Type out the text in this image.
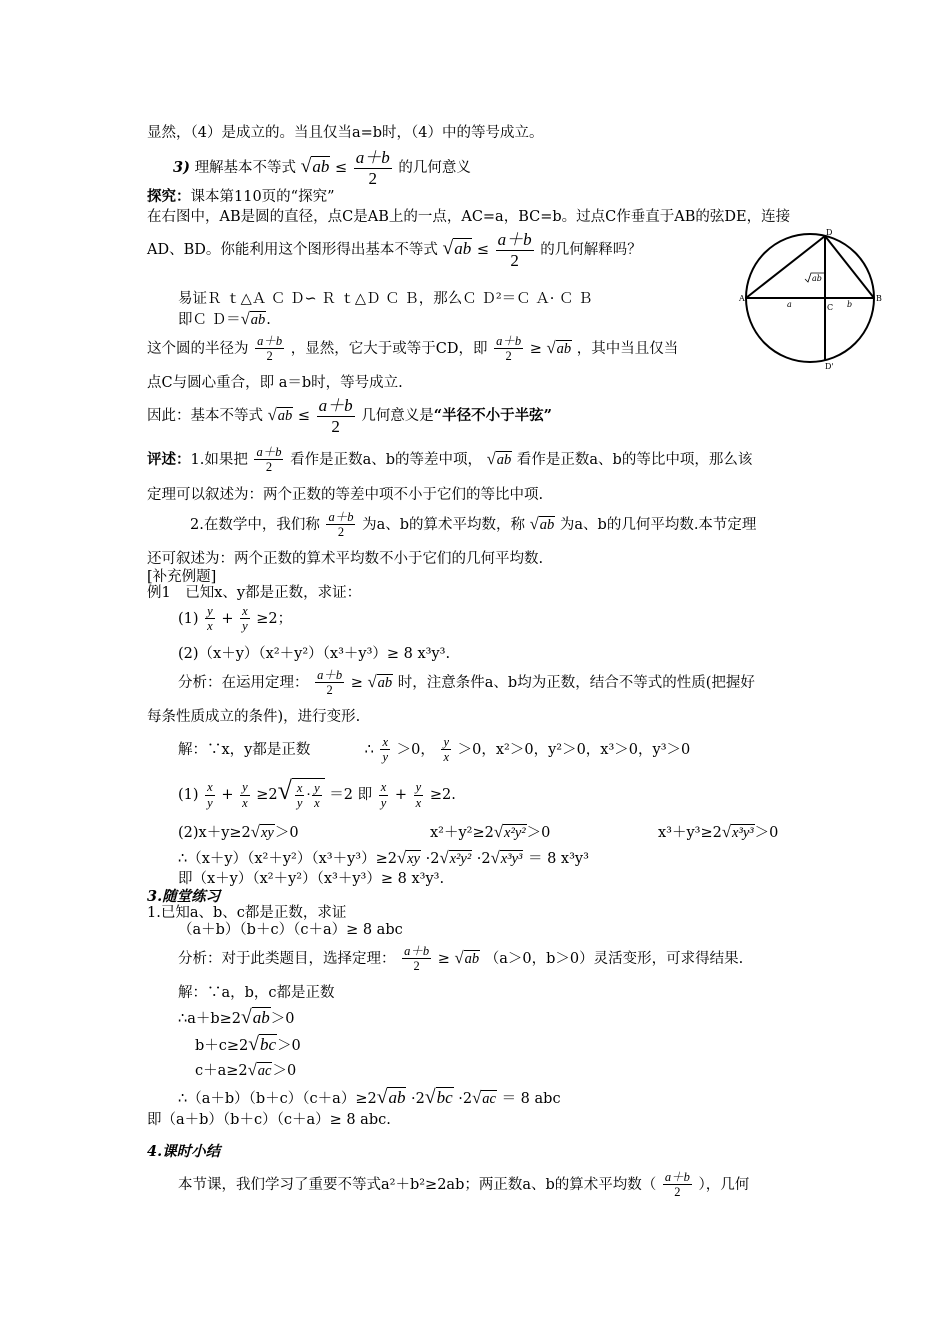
显然，（4）是成立的。当且仅当a=b时，（4）中的等号成立。
3) 理解基本不等式 $√ab \le \frac{a+b}{2}$ 的几何意义
探究：课本第110页的“探究”
在右图中，AB是圆的直径，点C是AB上的一点，AC=a，BC=b。过点C作垂直于AB的弦DE，连接
AD、BD。你能利用这个图形得出基本不等式 $√ab \le \frac{a+b}{2}$ 的几何解释吗？
A	B
C
D
D'
a	b
ab
易证Ｒ ｔ△Ａ Ｃ Ｄ∽ Ｒ ｔ△Ｄ Ｃ Ｂ，那么Ｃ Ｄ²＝Ｃ Ａ· Ｃ Ｂ
即Ｃ Ｄ＝√ab.
这个圆的半径为 $\frac{a+b}{2}$ ，显然，它大于或等于CD，即 $\frac{a+b}{2} \ge √ab$ ，其中当且仅当
点C与圆心重合，即 a＝b时，等号成立.
因此：基本不等式 $√ab \le \frac{a+b}{2}$ 几何意义是“半径不小于半弦”
评述：1.如果把 $\frac{a+b}{2}$ 看作是正数a、b的等差中项， √ab 看作是正数a、b的等比中项，那么该
定理可以叙述为：两个正数的等差中项不小于它们的等比中项.
2.在数学中，我们称 $\frac{a+b}{2}$ 为a、b的算术平均数，称 √ab 为a、b的几何平均数.本节定理
还可叙述为：两个正数的算术平均数不小于它们的几何平均数.
[补充例题]
例1　已知x、y都是正数，求证：
$(1) \frac{y}{x} + \frac{x}{y} \ge 2$；
(2)（x＋y）（x²＋y²）（x³＋y³）≥ 8 x³y³.
分析：在运用定理： $\frac{a+b}{2} \ge √ab$ 时，注意条件a、b均为正数，结合不等式的性质(把握好
每条性质成立的条件)，进行变形.
解：∵x，y都是正数	∴ $\frac{x}{y} >0$， $\frac{y}{x} >0$，x²＞0，y²＞0，x³＞0，y³＞0
$(1) \frac{x}{y} + \frac{y}{x} \ge 2√ \frac{x}{y} \cdot \frac{y}{x} =2$ 即 $\frac{x}{y} + \frac{y}{x} \ge 2$.
(2)x＋y≥2√xy＞0	x²＋y²≥2√x²y²＞0	x³＋y³≥2√x³y³＞0
∴（x＋y）（x²＋y²）（x³＋y³）≥2√xy ·2√x²y² ·2√x³y³ ＝ 8 x³y³
即（x＋y）（x²＋y²）（x³＋y³）≥ 8 x³y³.
3.随堂练习
1.已知a、b、c都是正数，求证
（a＋b）（b＋c）（c＋a）≥ 8 abc
分析：对于此类题目，选择定理： $\frac{a+b}{2} \ge √ab$ （a＞0，b＞0）灵活变形，可求得结果.
解：∵a，b，c都是正数
∴a＋b≥2√ab＞0
b＋c≥2√bc＞0
c＋a≥2√ac＞0
∴（a＋b）（b＋c）（c＋a）≥2√ab ·2√bc ·2√ac ＝ 8 abc
即（a＋b）（b＋c）（c＋a）≥ 8 abc.
4.课时小结
本节课，我们学习了重要不等式a²＋b²≥2ab；两正数a、b的算术平均数（ $\frac{a+b}{2}$ ），几何
